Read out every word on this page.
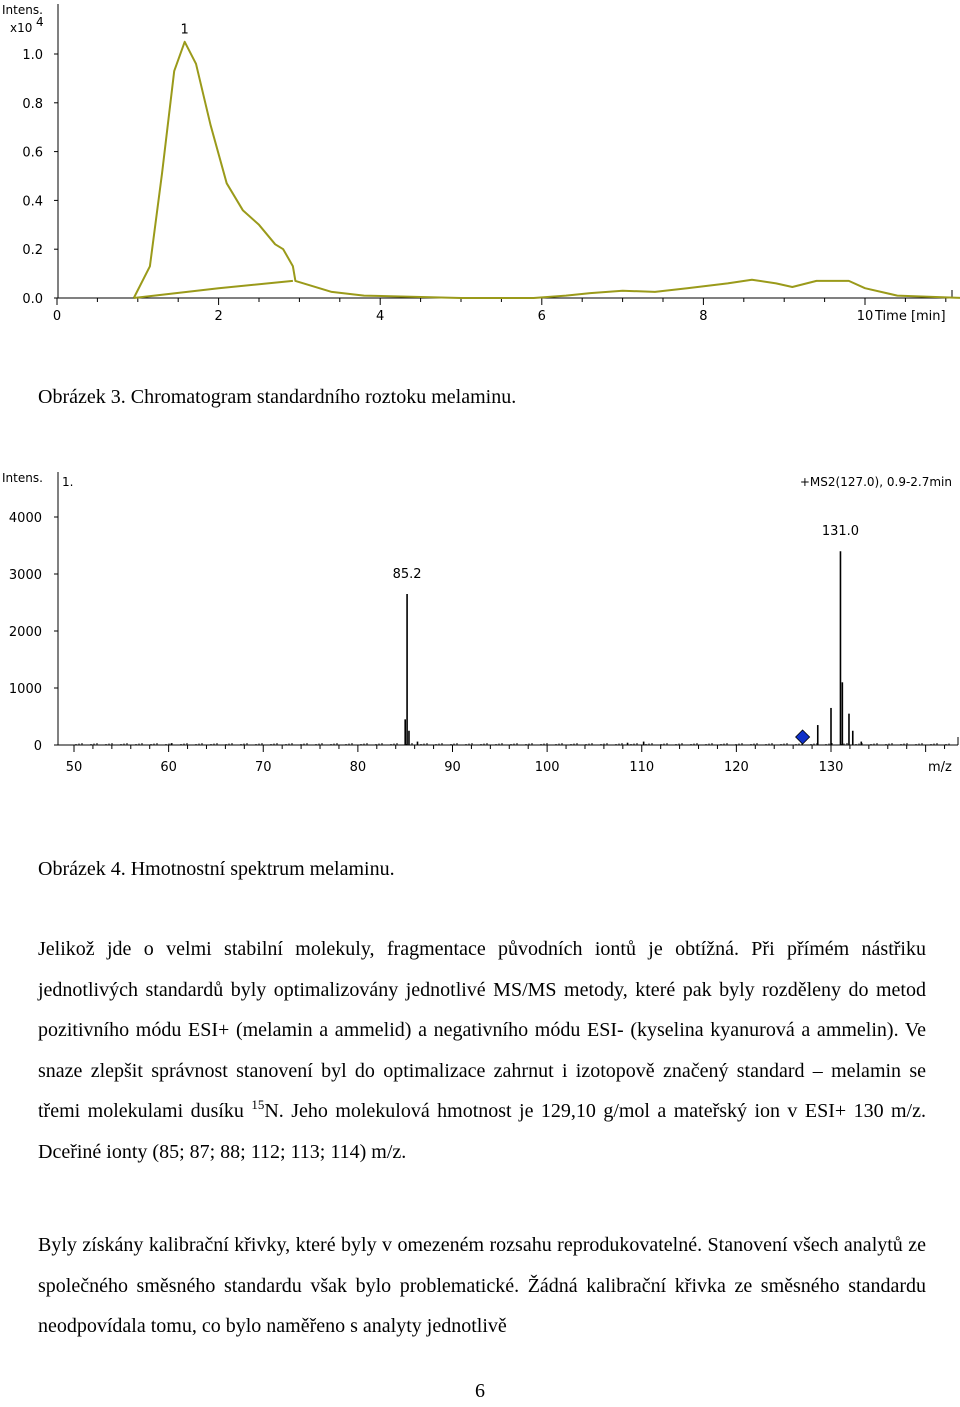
0.0
0.2
0.4
0.6
0.8
1.0
0	2	4	6	8	10 Time [min]
Intens.
x10 4
1

Obrázek 3. Chromatogram standardního roztoku melaminu.

0
1000
2000
3000
4000
50	60	70	80	90	100	110	120	130	m/z
Intens. 1.	+MS2(127.0), 0.9-2.7min
85.2
131.0

Obrázek 4. Hmotnostní spektrum melaminu.

Jelikož jde o velmi stabilní molekuly, fragmentace původních iontů je obtížná. Při přímém nástřiku jednotlivých standardů byly optimalizovány jednotlivé MS/MS metody, které pak byly rozděleny do metod pozitivního módu ESI+ (melamin a ammelid) a negativního módu ESI- (kyselina kyanurová a ammelin). Ve snaze zlepšit správnost stanovení byl do optimalizace zahrnut i izotopově značený standard – melamin se třemi molekulami dusíku $^{15}$N. Jeho molekulová hmotnost je 129,10 g/mol a mateřský ion v ESI+ 130 m/z. Dceřiné ionty (85; 87; 88; 112; 113; 114) m/z.

Byly získány kalibrační křivky, které byly v omezeném rozsahu reprodukovatelné. Stanovení všech analytů ze společného směsného standardu však bylo problematické. Žádná kalibrační křivka ze směsného standardu neodpovídala tomu, co bylo naměřeno s analyty jednotlivě

6
